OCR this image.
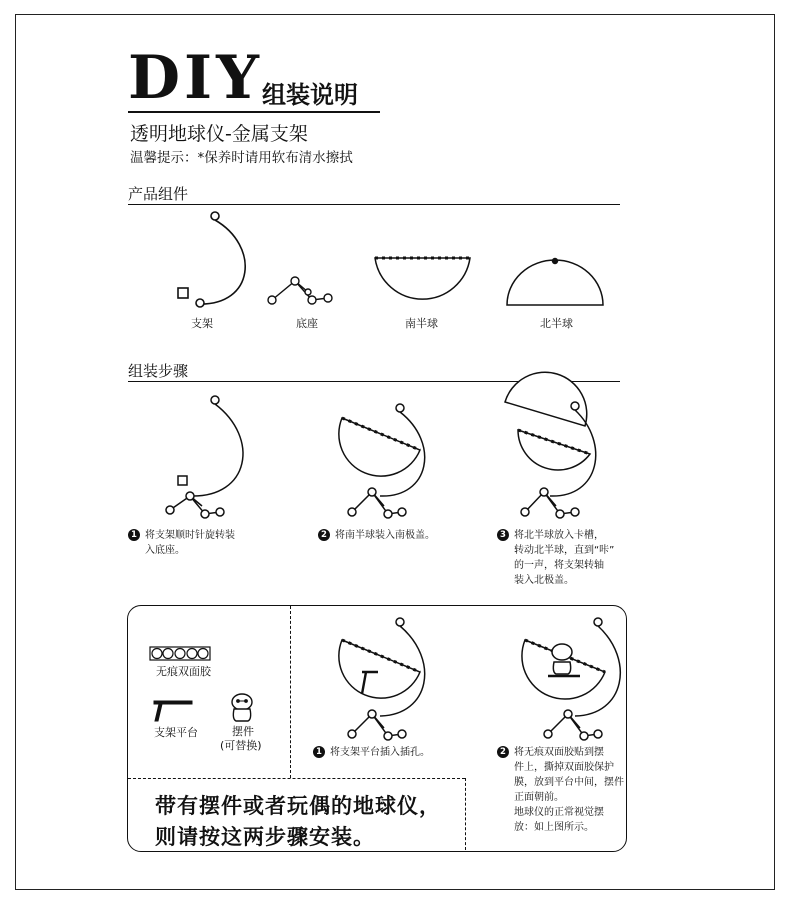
DIY 组装说明
透明地球仪-金属支架
温馨提示：*保养时请用软布清水擦拭
产品组件
支架	底座	南半球	北半球
组装步骤
1 将支架顺时针旋转装
入底座。
2 将南半球装入南极盖。	3 将北半球放入卡槽，
转动北半球，直到“咔”
的一声，将支架转轴
装入北极盖。
无痕双面胶
支架平台	摆件
(可替换)	1 将支架平台插入插孔。	2 将无痕双面胶贴到摆
件上，撕掉双面胶保护
膜，放到平台中间，摆件
正面朝前。
地球仪的正常视觉摆
放：如上图所示。
带有摆件或者玩偶的地球仪，
则请按这两步骤安装。
